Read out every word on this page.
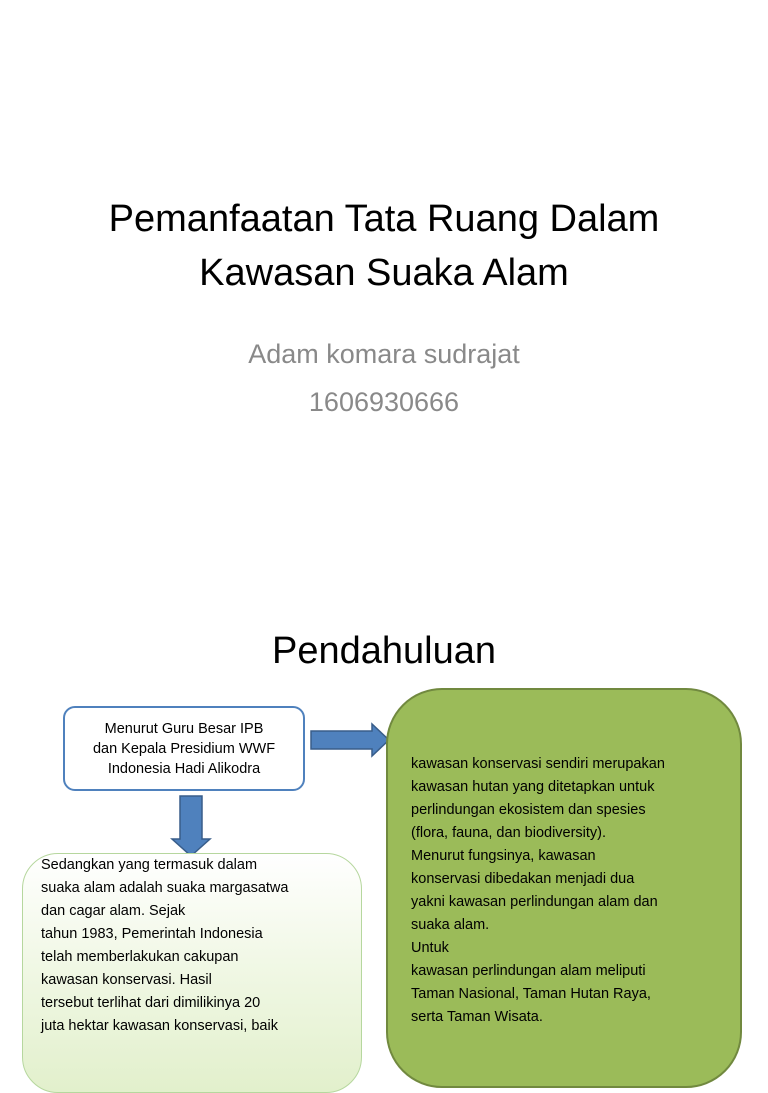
Pemanfaatan Tata Ruang Dalam
Kawasan Suaka Alam
Adam komara sudrajat
1606930666
Pendahuluan
Menurut Guru Besar IPB
dan Kepala Presidium WWF
Indonesia Hadi Alikodra	kawasan konservasi sendiri merupakan
kawasan hutan yang ditetapkan untuk
perlindungan ekosistem dan spesies
(flora, fauna, dan biodiversity).
Menurut fungsinya, kawasan
konservasi dibedakan menjadi dua
yakni kawasan perlindungan alam dan
suaka alam.
Untuk
kawasan perlindungan alam meliputi
Taman Nasional, Taman Hutan Raya,
serta Taman Wisata.
Sedangkan yang termasuk dalam
suaka alam adalah suaka margasatwa
dan cagar alam. Sejak
tahun 1983, Pemerintah Indonesia
telah memberlakukan cakupan
kawasan konservasi. Hasil
tersebut terlihat dari dimilikinya 20
juta hektar kawasan konservasi, baik
